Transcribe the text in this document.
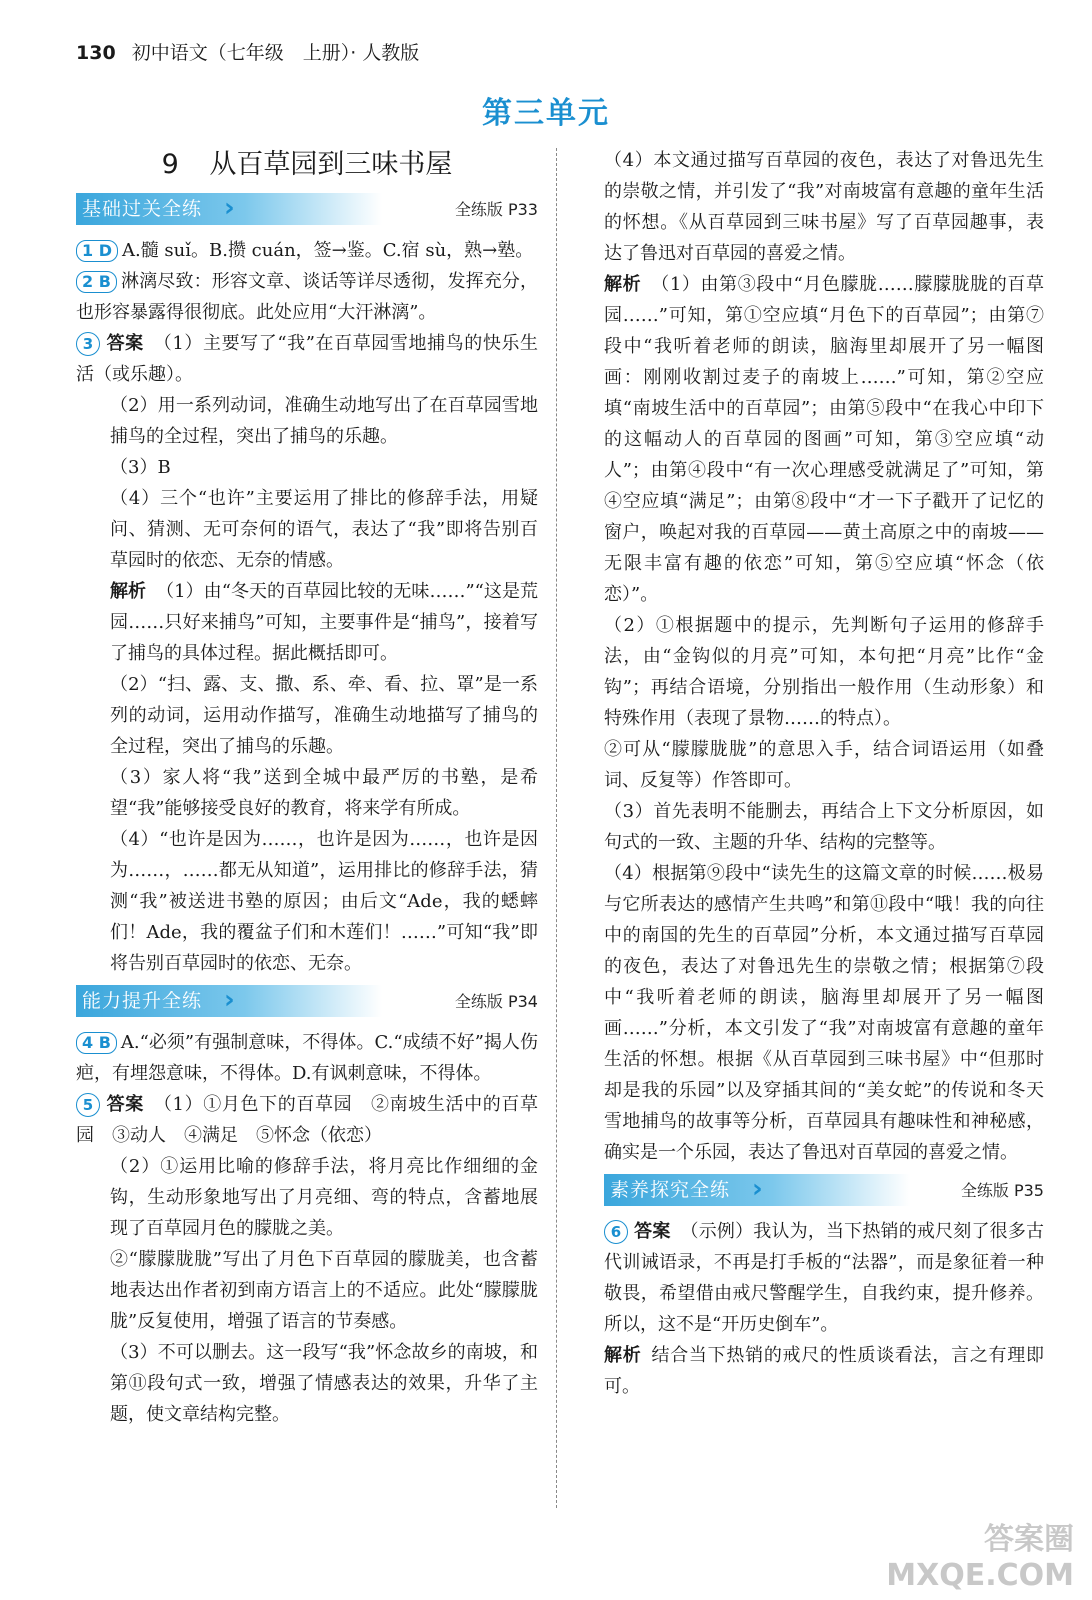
130 初中语文（七年级　上册）· 人教版
第三单元
9 从百草园到三味书屋
基础过关全练 ›	全练版 P33

1 D A.髓 suǐ。B.攒 cuán，签→鉴。C.宿 sù，熟→塾。

2 B 淋漓尽致：形容文章、谈话等详尽透彻，发挥充分，也形容暴露得很彻底。此处应用“大汗淋漓”。

3 答案 （1）主要写了“我”在百草园雪地捕鸟的快乐生活（或乐趣）。

（2）用一系列动词，准确生动地写出了在百草园雪地捕鸟的全过程，突出了捕鸟的乐趣。

（3）B

（4）三个“也许”主要运用了排比的修辞手法，用疑问、猜测、无可奈何的语气，表达了“我”即将告别百草园时的依恋、无奈的情感。

解析 （1）由“冬天的百草园比较的无味……”“这是荒园……只好来捕鸟”可知，主要事件是“捕鸟”，接着写了捕鸟的具体过程。据此概括即可。

（2）“扫、露、支、撒、系、牵、看、拉、罩”是一系列的动词，运用动作描写，准确生动地描写了捕鸟的全过程，突出了捕鸟的乐趣。

（3）家人将“我”送到全城中最严厉的书塾，是希望“我”能够接受良好的教育，将来学有所成。

（4）“也许是因为……，也许是因为……，也许是因为……，……都无从知道”，运用排比的修辞手法，猜测“我”被送进书塾的原因；由后文“Ade，我的蟋蟀们！Ade，我的覆盆子们和木莲们！……”可知“我”即将告别百草园时的依恋、无奈。

能力提升全练 ›	全练版 P34

4 B A.“必须”有强制意味，不得体。C.“成绩不好”揭人伤疤，有埋怨意味，不得体。D.有讽刺意味，不得体。

5 答案 （1）①月色下的百草园　②南坡生活中的百草园　③动人　④满足　⑤怀念（依恋）

（2）①运用比喻的修辞手法，将月亮比作细细的金钩，生动形象地写出了月亮细、弯的特点，含蓄地展现了百草园月色的朦胧之美。

②“朦朦胧胧”写出了月色下百草园的朦胧美，也含蓄地表达出作者初到南方语言上的不适应。此处“朦朦胧胧”反复使用，增强了语言的节奏感。

（3）不可以删去。这一段写“我”怀念故乡的南坡，和第⑪段句式一致，增强了情感表达的效果，升华了主题，使文章结构完整。

（4）本文通过描写百草园的夜色，表达了对鲁迅先生的崇敬之情，并引发了“我”对南坡富有意趣的童年生活的怀想。《从百草园到三味书屋》写了百草园趣事，表达了鲁迅对百草园的喜爱之情。

解析 （1）由第③段中“月色朦胧……朦朦胧胧的百草园……”可知，第①空应填“月色下的百草园”；由第⑦段中“我听着老师的朗读，脑海里却展开了另一幅图画：刚刚收割过麦子的南坡上……”可知，第②空应填“南坡生活中的百草园”；由第⑤段中“在我心中印下的这幅动人的百草园的图画”可知，第③空应填“动人”；由第④段中“有一次心理感受就满足了”可知，第④空应填“满足”；由第⑧段中“才一下子戳开了记忆的窗户，唤起对我的百草园——黄土高原之中的南坡——无限丰富有趣的依恋”可知，第⑤空应填“怀念（依恋）”。

（2）①根据题中的提示，先判断句子运用的修辞手法，由“金钩似的月亮”可知，本句把“月亮”比作“金钩”；再结合语境，分别指出一般作用（生动形象）和特殊作用（表现了景物……的特点）。

②可从“朦朦胧胧”的意思入手，结合词语运用（如叠词、反复等）作答即可。

（3）首先表明不能删去，再结合上下文分析原因，如句式的一致、主题的升华、结构的完整等。

（4）根据第⑨段中“读先生的这篇文章的时候……极易与它所表达的感情产生共鸣”和第⑪段中“哦！我的向往中的南国的先生的百草园”分析，本文通过描写百草园的夜色，表达了对鲁迅先生的崇敬之情；根据第⑦段中“我听着老师的朗读，脑海里却展开了另一幅图画……”分析，本文引发了“我”对南坡富有意趣的童年生活的怀想。根据《从百草园到三味书屋》中“但那时却是我的乐园”以及穿插其间的“美女蛇”的传说和冬天雪地捕鸟的故事等分析，百草园具有趣味性和神秘感，确实是一个乐园，表达了鲁迅对百草园的喜爱之情。

素养探究全练 ›	全练版 P35

6 答案 （示例）我认为，当下热销的戒尺刻了很多古代训诫语录，不再是打手板的“法器”，而是象征着一种敬畏，希望借由戒尺警醒学生，自我约束，提升修养。所以，这不是“开历史倒车”。

解析 结合当下热销的戒尺的性质谈看法，言之有理即可。

答案圈
MXQE.COM
